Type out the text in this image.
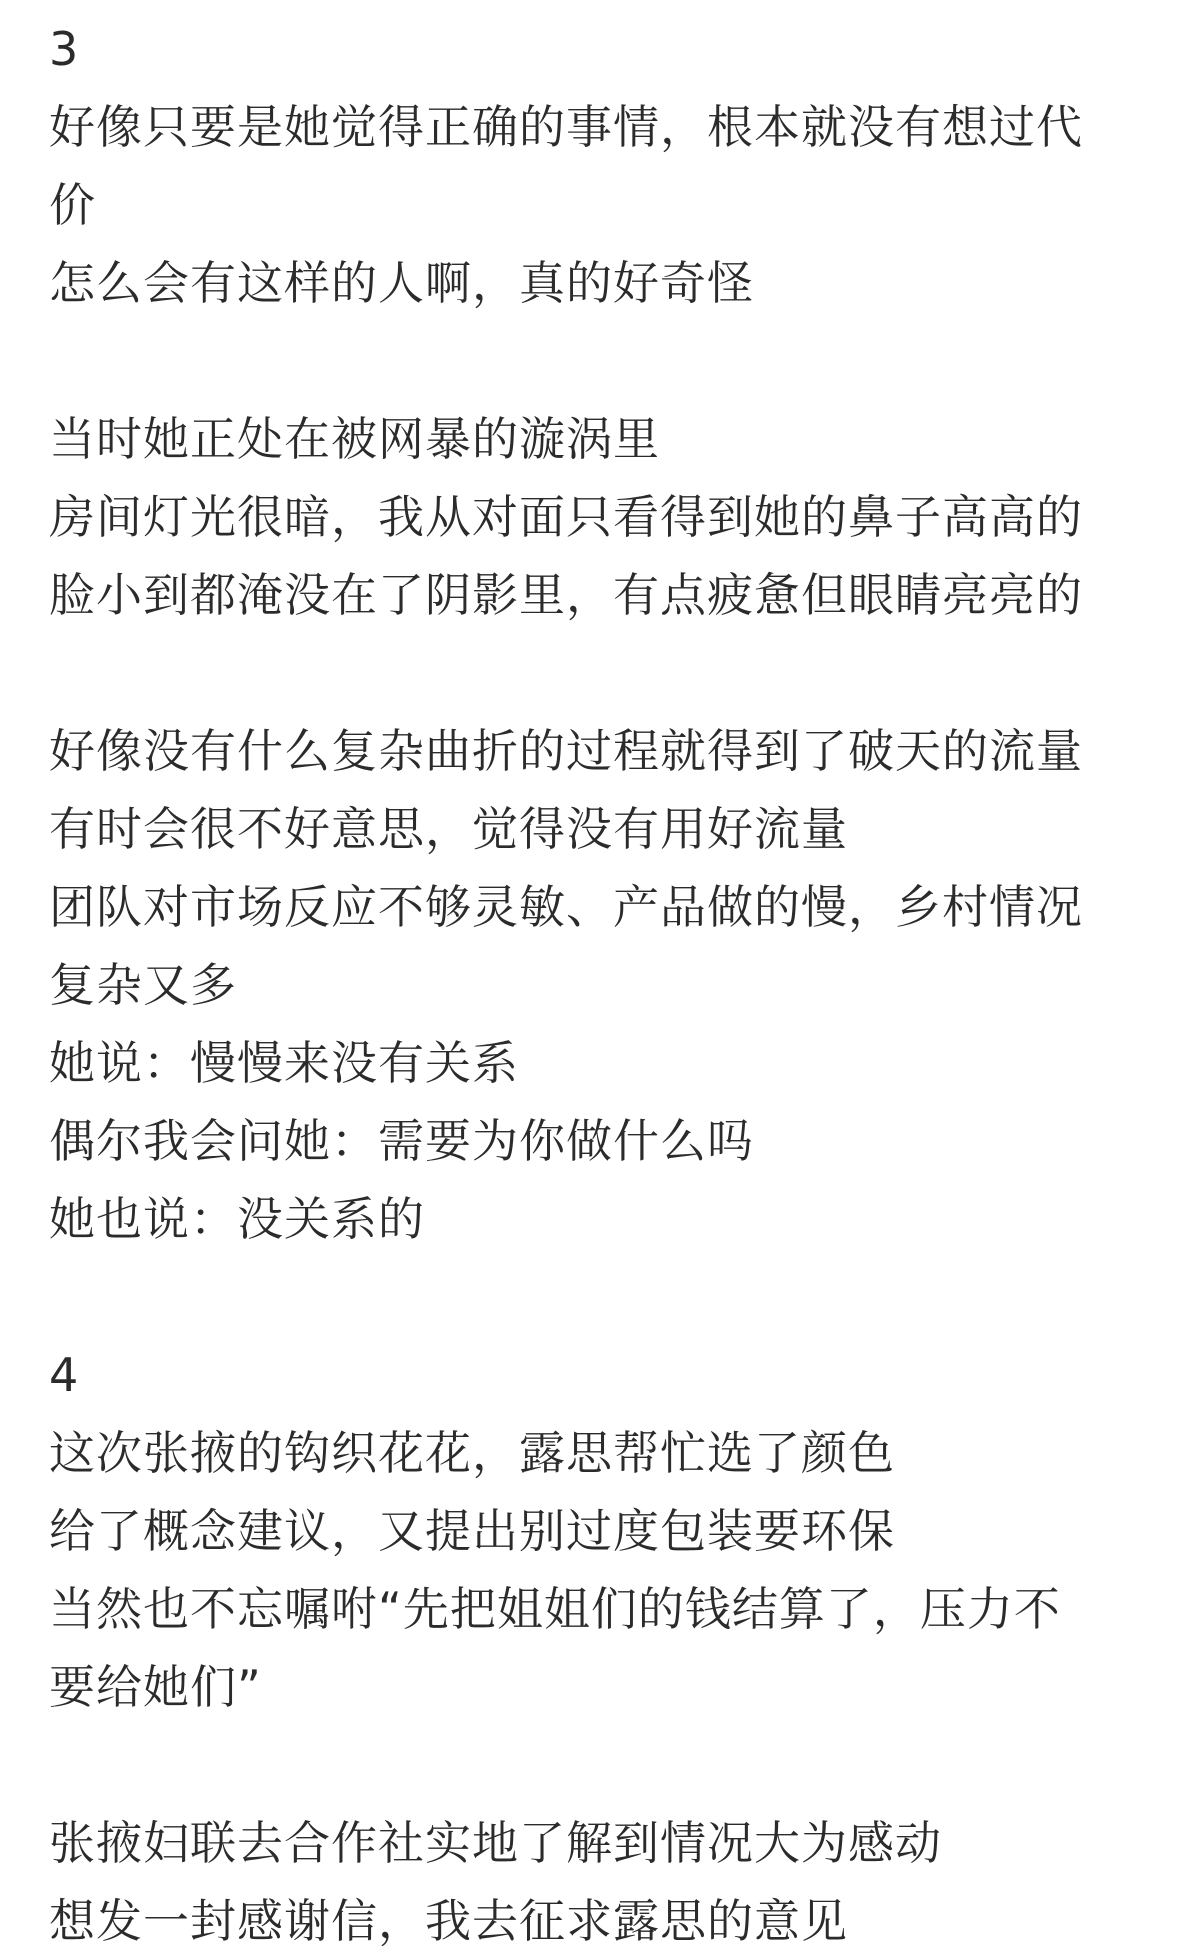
3
好像只要是她觉得正确的事情，根本就没有想过代
价
怎么会有这样的人啊，真的好奇怪
当时她正处在被网暴的漩涡里
房间灯光很暗，我从对面只看得到她的鼻子高高的
脸小到都淹没在了阴影里，有点疲惫但眼睛亮亮的
好像没有什么复杂曲折的过程就得到了破天的流量
有时会很不好意思，觉得没有用好流量
团队对市场反应不够灵敏、产品做的慢，乡村情况
复杂又多
她说：慢慢来没有关系
偶尔我会问她：需要为你做什么吗
她也说：没关系的
4
这次张掖的钩织花花，露思帮忙选了颜色
给了概念建议，又提出别过度包装要环保
当然也不忘嘱咐“先把姐姐们的钱结算了，压力不
要给她们”
张掖妇联去合作社实地了解到情况大为感动
想发一封感谢信，我去征求露思的意见
